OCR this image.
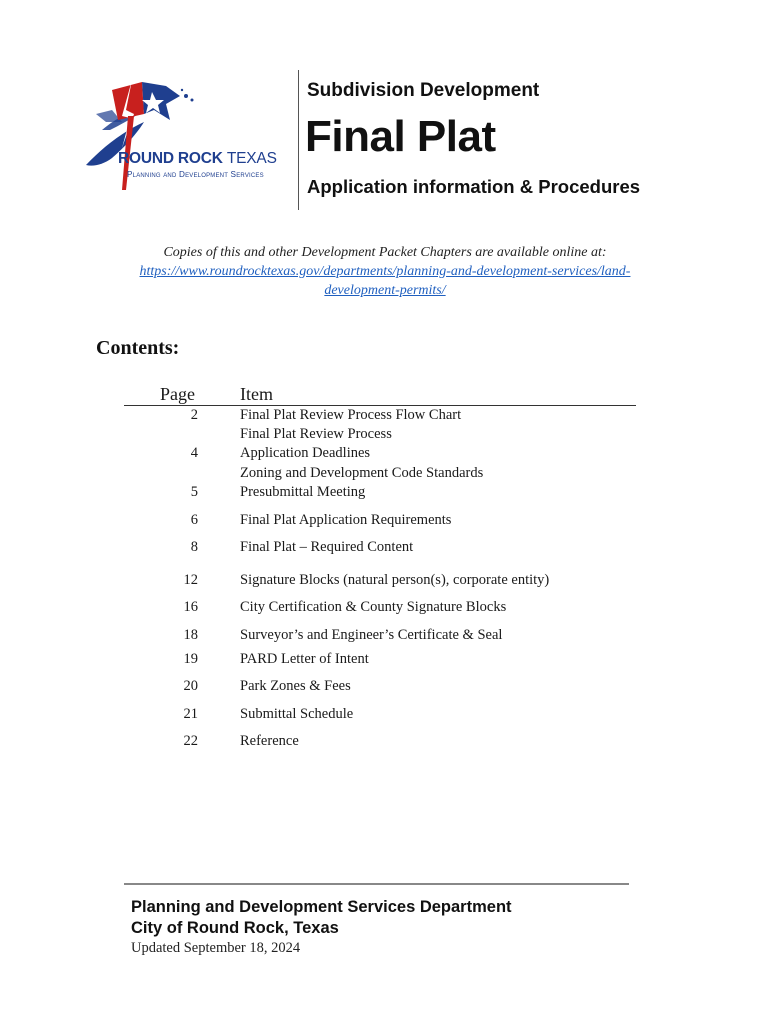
ROUND ROCK TEXAS
Planning and Development Services
Subdivision Development
Final Plat
Application information & Procedures
Copies of this and other Development Packet Chapters are available online at:
https://www.roundrocktexas.gov/departments/planning-and-development-services/land-
development-permits/
Contents:
Page	Item
2	Final Plat Review Process Flow Chart
Final Plat Review Process
4	Application Deadlines
Zoning and Development Code Standards
5	Presubmittal Meeting
6	Final Plat Application Requirements
8	Final Plat – Required Content
12	Signature Blocks (natural person(s), corporate entity)
16	City Certification & County Signature Blocks
18	Surveyor’s and Engineer’s Certificate & Seal
19	PARD Letter of Intent
20	Park Zones & Fees
21	Submittal Schedule
22	Reference
Planning and Development Services Department
City of Round Rock, Texas
Updated September 18, 2024
